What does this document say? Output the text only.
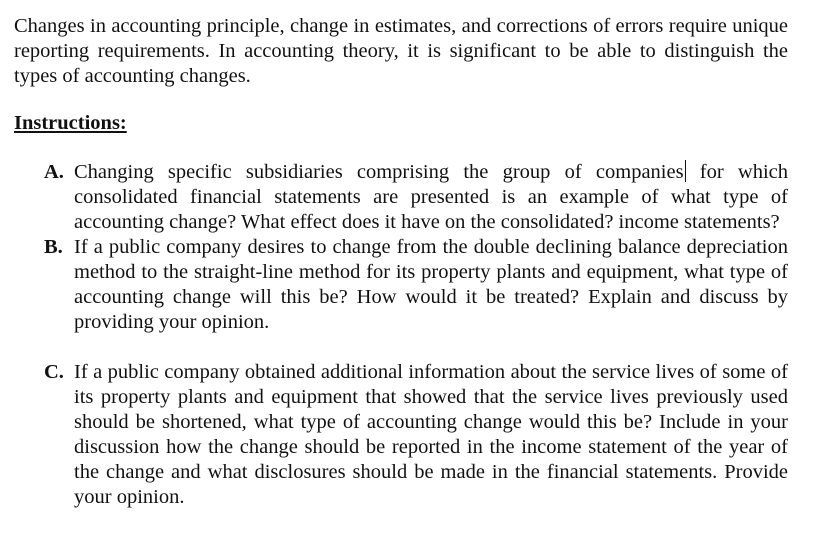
Changes in accounting principle, change in estimates, and corrections of errors require unique reporting requirements. In accounting theory, it is significant to be able to distinguish the types of accounting changes.

Instructions:

A. Changing specific subsidiaries comprising the group of companies for which consolidated financial statements are presented is an example of what type of accounting change? What effect does it have on the consolidated? income statements?
B. If a public company desires to change from the double declining balance depreciation method to the straight-line method for its property plants and equipment, what type of accounting change will this be? How would it be treated? Explain and discuss by providing your opinion.
C. If a public company obtained additional information about the service lives of some of its property plants and equipment that showed that the service lives previously used should be shortened, what type of accounting change would this be? Include in your discussion how the change should be reported in the income statement of the year of the change and what disclosures should be made in the financial statements. Provide your opinion.
